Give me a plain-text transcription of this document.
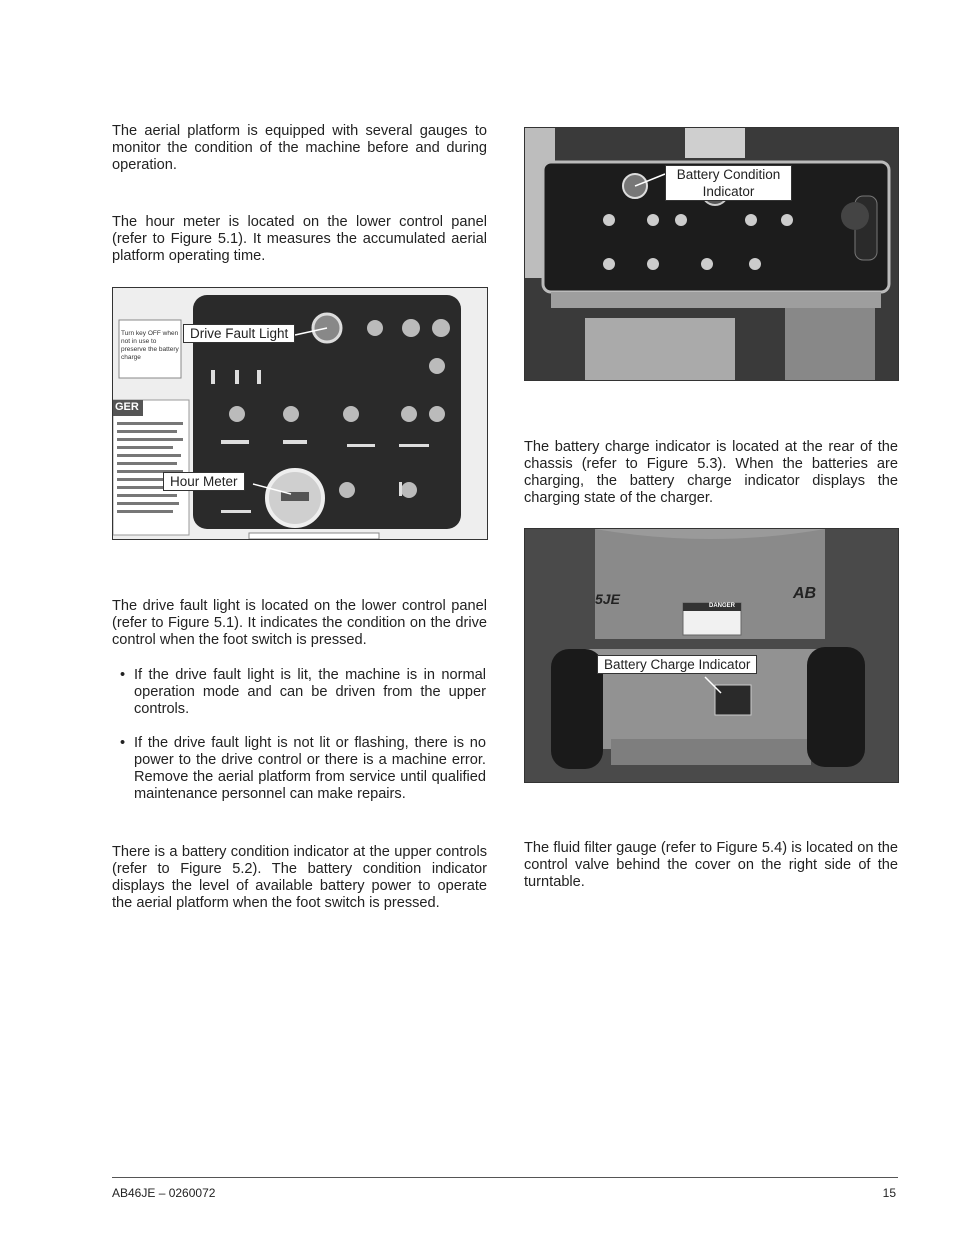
The aerial platform is equipped with several gauges to monitor the condition of the machine before and during operation.

The hour meter is located on the lower control panel (refer to Figure 5.1). It measures the accumulated aerial platform operating time.

Turn key OFF when not in use to preserve the battery charge
GER
Drive Fault Light
Hour Meter

The drive fault light is located on the lower control panel (refer to Figure 5.1). It indicates the condition on the drive control when the foot switch is pressed.

• If the drive fault light is lit, the machine is in normal operation mode and can be driven from the upper controls.
• If the drive fault light is not lit or flashing, there is no power to the drive control or there is a machine error. Remove the aerial platform from service until qualified maintenance personnel can make repairs.

There is a battery condition indicator at the upper controls (refer to Figure 5.2). The battery condition indicator displays the level of available battery power to operate the aerial platform when the foot switch is pressed.

Battery Condition Indicator

The battery charge indicator is located at the rear of the chassis (refer to Figure 5.3). When the batteries are charging, the battery charge indicator displays the charging state of the charger.

5JE	AB
DANGER
Battery Charge Indicator

The fluid filter gauge (refer to Figure 5.4) is located on the control valve behind the cover on the right side of the turntable.

AB46JE – 0260072	15
